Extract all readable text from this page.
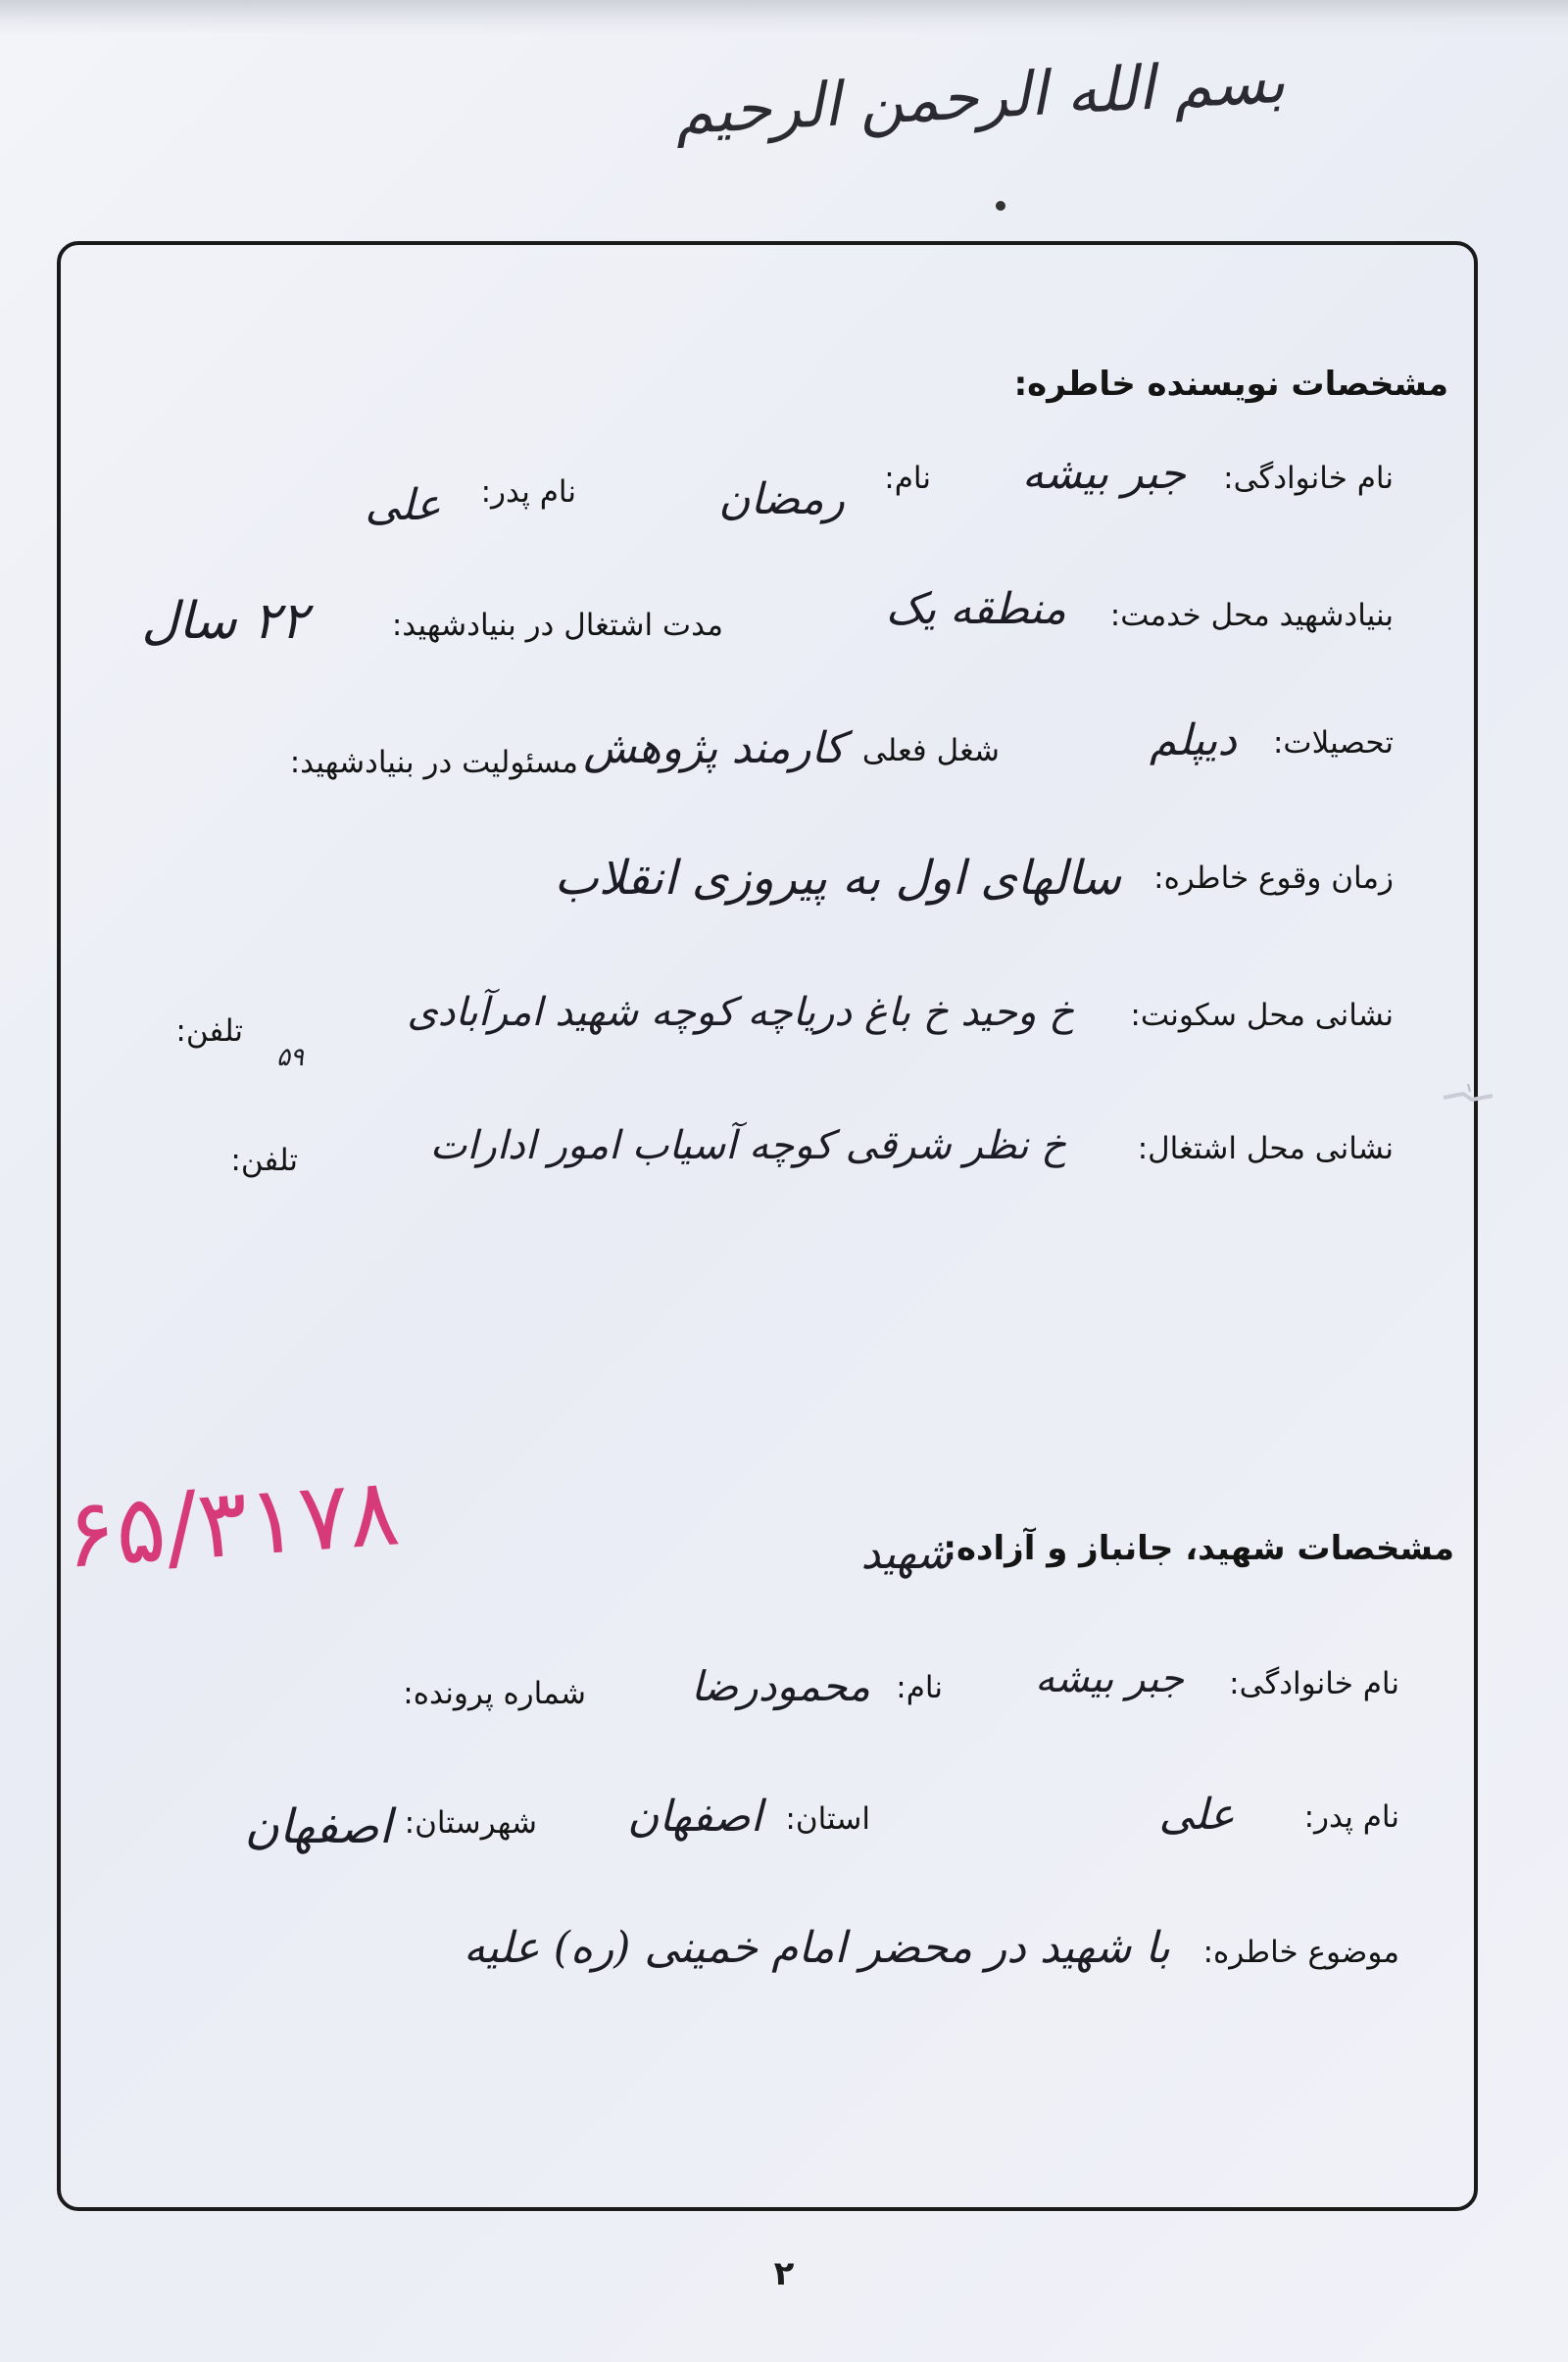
بسم الله الرحمن الرحیم
مشخصات نویسنده خاطره:
نام خانوادگی:
جبر بیشه
نام:
رمضان
نام پدر:
علی
بنیادشهید محل خدمت:
منطقه یک
مدت اشتغال در بنیادشهید:
۲۲ سال
تحصیلات:
دیپلم
شغل فعلی
کارمند پژوهش
مسئولیت در بنیادشهید:
زمان وقوع خاطره:
سالهای اول به پیروزی انقلاب
نشانی محل سکونت:
خ وحید خ باغ دریاچه کوچه شهید امرآبادی
۵۹
تلفن:
نشانی محل اشتغال:
خ نظر شرقی کوچه آسیاب امور ادارات
تلفن:
۶۵/۳۱۷۸	مشخصات شهید، جانباز و آزاده:
شهید
نام خانوادگی:
جبر بیشه
نام:
محمودرضا
شماره پرونده:
نام پدر:
علی
استان:
اصفهان
شهرستان:
اصفهان
موضوع خاطره:
با شهید در محضر امام خمینی (ره) علیه
۲
